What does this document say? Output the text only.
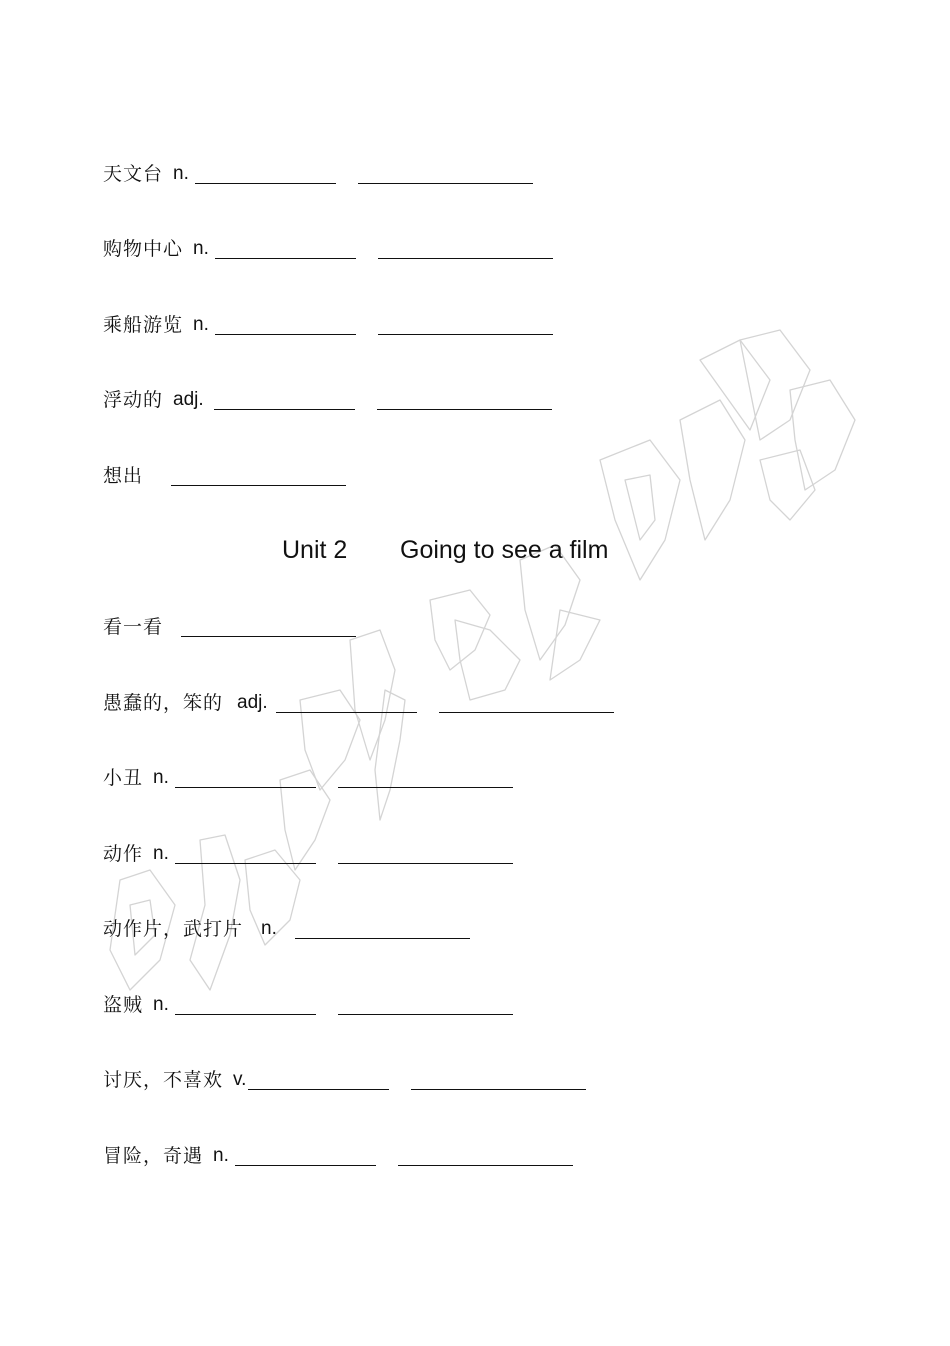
天文台 n.
购物中心 n.
乘船游览 n.
浮动的 adj.
想出
Unit 2 Going to see a film
看一看
愚蠢的，笨的 adj.
小丑 n.
动作 n.
动作片，武打片 n.
盗贼 n.
讨厌，不喜欢 v.
冒险，奇遇 n.
